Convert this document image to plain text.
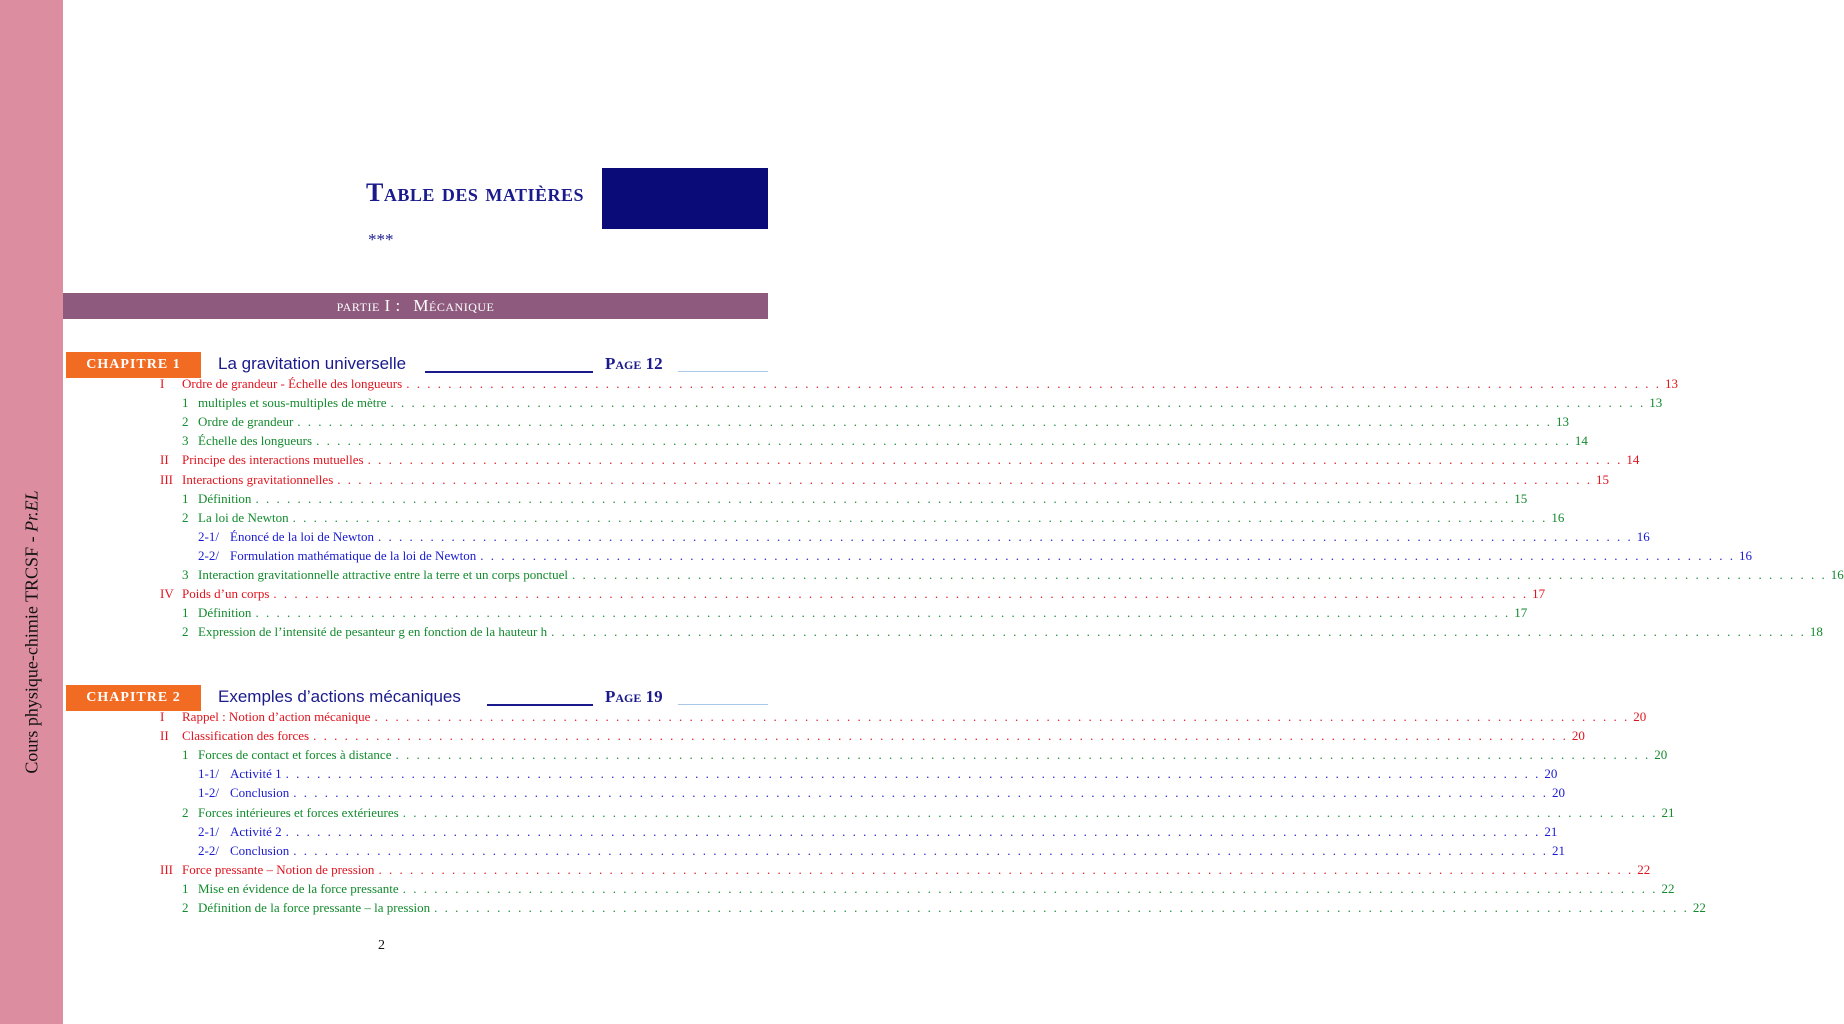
Cours physique-chimie TRCSF - Pr.EL
Table des matières
***
partie I : Mécanique
CHAPITRE 1	La gravitation universelle	Page 12
I	Ordre de grandeur - Échelle des longueurs . . . . . . . . . . . . . . . . . . . . . . . . . . . . . . . . . . . . . . . . . . . . . . . . . . . . . . . . . . . . . . . . . . . . . . . . . . . . . . . . . . . . . . . . . . . . . . . . . . . . . . . . . . . . . . . . . . . . . . . . 13
1 multiples et sous-multiples de mètre . . . . . . . . . . . . . . . . . . . . . . . . . . . . . . . . . . . . . . . . . . . . . . . . . . . . . . . . . . . . . . . . . . . . . . . . . . . . . . . . . . . . . . . . . . . . . . . . . . . . . . . . . . . . . . . . . . . . . . . . 13
2 Ordre de grandeur . . . . . . . . . . . . . . . . . . . . . . . . . . . . . . . . . . . . . . . . . . . . . . . . . . . . . . . . . . . . . . . . . . . . . . . . . . . . . . . . . . . . . . . . . . . . . . . . . . . . . . . . . . . . . . . . . . . . . . . . 13
3 Échelle des longueurs . . . . . . . . . . . . . . . . . . . . . . . . . . . . . . . . . . . . . . . . . . . . . . . . . . . . . . . . . . . . . . . . . . . . . . . . . . . . . . . . . . . . . . . . . . . . . . . . . . . . . . . . . . . . . . . . . . . . . . . . 14
II	Principe des interactions mutuelles . . . . . . . . . . . . . . . . . . . . . . . . . . . . . . . . . . . . . . . . . . . . . . . . . . . . . . . . . . . . . . . . . . . . . . . . . . . . . . . . . . . . . . . . . . . . . . . . . . . . . . . . . . . . . . . . . . . . . . . . 14
III Interactions gravitationnelles . . . . . . . . . . . . . . . . . . . . . . . . . . . . . . . . . . . . . . . . . . . . . . . . . . . . . . . . . . . . . . . . . . . . . . . . . . . . . . . . . . . . . . . . . . . . . . . . . . . . . . . . . . . . . . . . . . . . . . . . 15
1 Définition . . . . . . . . . . . . . . . . . . . . . . . . . . . . . . . . . . . . . . . . . . . . . . . . . . . . . . . . . . . . . . . . . . . . . . . . . . . . . . . . . . . . . . . . . . . . . . . . . . . . . . . . . . . . . . . . . . . . . . . . 15
2 La loi de Newton . . . . . . . . . . . . . . . . . . . . . . . . . . . . . . . . . . . . . . . . . . . . . . . . . . . . . . . . . . . . . . . . . . . . . . . . . . . . . . . . . . . . . . . . . . . . . . . . . . . . . . . . . . . . . . . . . . . . . . . . 16
2-1/ Énoncé de la loi de Newton . . . . . . . . . . . . . . . . . . . . . . . . . . . . . . . . . . . . . . . . . . . . . . . . . . . . . . . . . . . . . . . . . . . . . . . . . . . . . . . . . . . . . . . . . . . . . . . . . . . . . . . . . . . . . . . . . . . . . . . . 16
2-2/ Formulation mathématique de la loi de Newton . . . . . . . . . . . . . . . . . . . . . . . . . . . . . . . . . . . . . . . . . . . . . . . . . . . . . . . . . . . . . . . . . . . . . . . . . . . . . . . . . . . . . . . . . . . . . . . . . . . . . . . . . . . . . . . . . . . . . . . . 16
3 Interaction gravitationnelle attractive entre la terre et un corps ponctuel . . . . . . . . . . . . . . . . . . . . . . . . . . . . . . . . . . . . . . . . . . . . . . . . . . . . . . . . . . . . . . . . . . . . . . . . . . . . . . . . . . . . . . . . . . . . . . . . . . . . . . . . . . . . . . . . . . . . . . . . 16
IV Poids d’un corps . . . . . . . . . . . . . . . . . . . . . . . . . . . . . . . . . . . . . . . . . . . . . . . . . . . . . . . . . . . . . . . . . . . . . . . . . . . . . . . . . . . . . . . . . . . . . . . . . . . . . . . . . . . . . . . . . . . . . . . . 17
1 Définition . . . . . . . . . . . . . . . . . . . . . . . . . . . . . . . . . . . . . . . . . . . . . . . . . . . . . . . . . . . . . . . . . . . . . . . . . . . . . . . . . . . . . . . . . . . . . . . . . . . . . . . . . . . . . . . . . . . . . . . . 17
2 Expression de l’intensité de pesanteur g en fonction de la hauteur h . . . . . . . . . . . . . . . . . . . . . . . . . . . . . . . . . . . . . . . . . . . . . . . . . . . . . . . . . . . . . . . . . . . . . . . . . . . . . . . . . . . . . . . . . . . . . . . . . . . . . . . . . . . . . . . . . . . . . . . . 18
CHAPITRE 2	Exemples d’actions mécaniques	Page 19
I	Rappel : Notion d’action mécanique . . . . . . . . . . . . . . . . . . . . . . . . . . . . . . . . . . . . . . . . . . . . . . . . . . . . . . . . . . . . . . . . . . . . . . . . . . . . . . . . . . . . . . . . . . . . . . . . . . . . . . . . . . . . . . . . . . . . . . . . 20
II	Classification des forces . . . . . . . . . . . . . . . . . . . . . . . . . . . . . . . . . . . . . . . . . . . . . . . . . . . . . . . . . . . . . . . . . . . . . . . . . . . . . . . . . . . . . . . . . . . . . . . . . . . . . . . . . . . . . . . . . . . . . . . . 20
1 Forces de contact et forces à distance . . . . . . . . . . . . . . . . . . . . . . . . . . . . . . . . . . . . . . . . . . . . . . . . . . . . . . . . . . . . . . . . . . . . . . . . . . . . . . . . . . . . . . . . . . . . . . . . . . . . . . . . . . . . . . . . . . . . . . . . 20
1-1/ Activité 1 . . . . . . . . . . . . . . . . . . . . . . . . . . . . . . . . . . . . . . . . . . . . . . . . . . . . . . . . . . . . . . . . . . . . . . . . . . . . . . . . . . . . . . . . . . . . . . . . . . . . . . . . . . . . . . . . . . . . . . . . 20
1-2/ Conclusion . . . . . . . . . . . . . . . . . . . . . . . . . . . . . . . . . . . . . . . . . . . . . . . . . . . . . . . . . . . . . . . . . . . . . . . . . . . . . . . . . . . . . . . . . . . . . . . . . . . . . . . . . . . . . . . . . . . . . . . . 20
2 Forces intérieures et forces extérieures . . . . . . . . . . . . . . . . . . . . . . . . . . . . . . . . . . . . . . . . . . . . . . . . . . . . . . . . . . . . . . . . . . . . . . . . . . . . . . . . . . . . . . . . . . . . . . . . . . . . . . . . . . . . . . . . . . . . . . . . 21
2-1/ Activité 2 . . . . . . . . . . . . . . . . . . . . . . . . . . . . . . . . . . . . . . . . . . . . . . . . . . . . . . . . . . . . . . . . . . . . . . . . . . . . . . . . . . . . . . . . . . . . . . . . . . . . . . . . . . . . . . . . . . . . . . . . 21
2-2/ Conclusion . . . . . . . . . . . . . . . . . . . . . . . . . . . . . . . . . . . . . . . . . . . . . . . . . . . . . . . . . . . . . . . . . . . . . . . . . . . . . . . . . . . . . . . . . . . . . . . . . . . . . . . . . . . . . . . . . . . . . . . . 21
III Force pressante – Notion de pression . . . . . . . . . . . . . . . . . . . . . . . . . . . . . . . . . . . . . . . . . . . . . . . . . . . . . . . . . . . . . . . . . . . . . . . . . . . . . . . . . . . . . . . . . . . . . . . . . . . . . . . . . . . . . . . . . . . . . . . . 22
1 Mise en évidence de la force pressante . . . . . . . . . . . . . . . . . . . . . . . . . . . . . . . . . . . . . . . . . . . . . . . . . . . . . . . . . . . . . . . . . . . . . . . . . . . . . . . . . . . . . . . . . . . . . . . . . . . . . . . . . . . . . . . . . . . . . . . . 22
2 Définition de la force pressante – la pression . . . . . . . . . . . . . . . . . . . . . . . . . . . . . . . . . . . . . . . . . . . . . . . . . . . . . . . . . . . . . . . . . . . . . . . . . . . . . . . . . . . . . . . . . . . . . . . . . . . . . . . . . . . . . . . . . . . . . . . . 22
2
